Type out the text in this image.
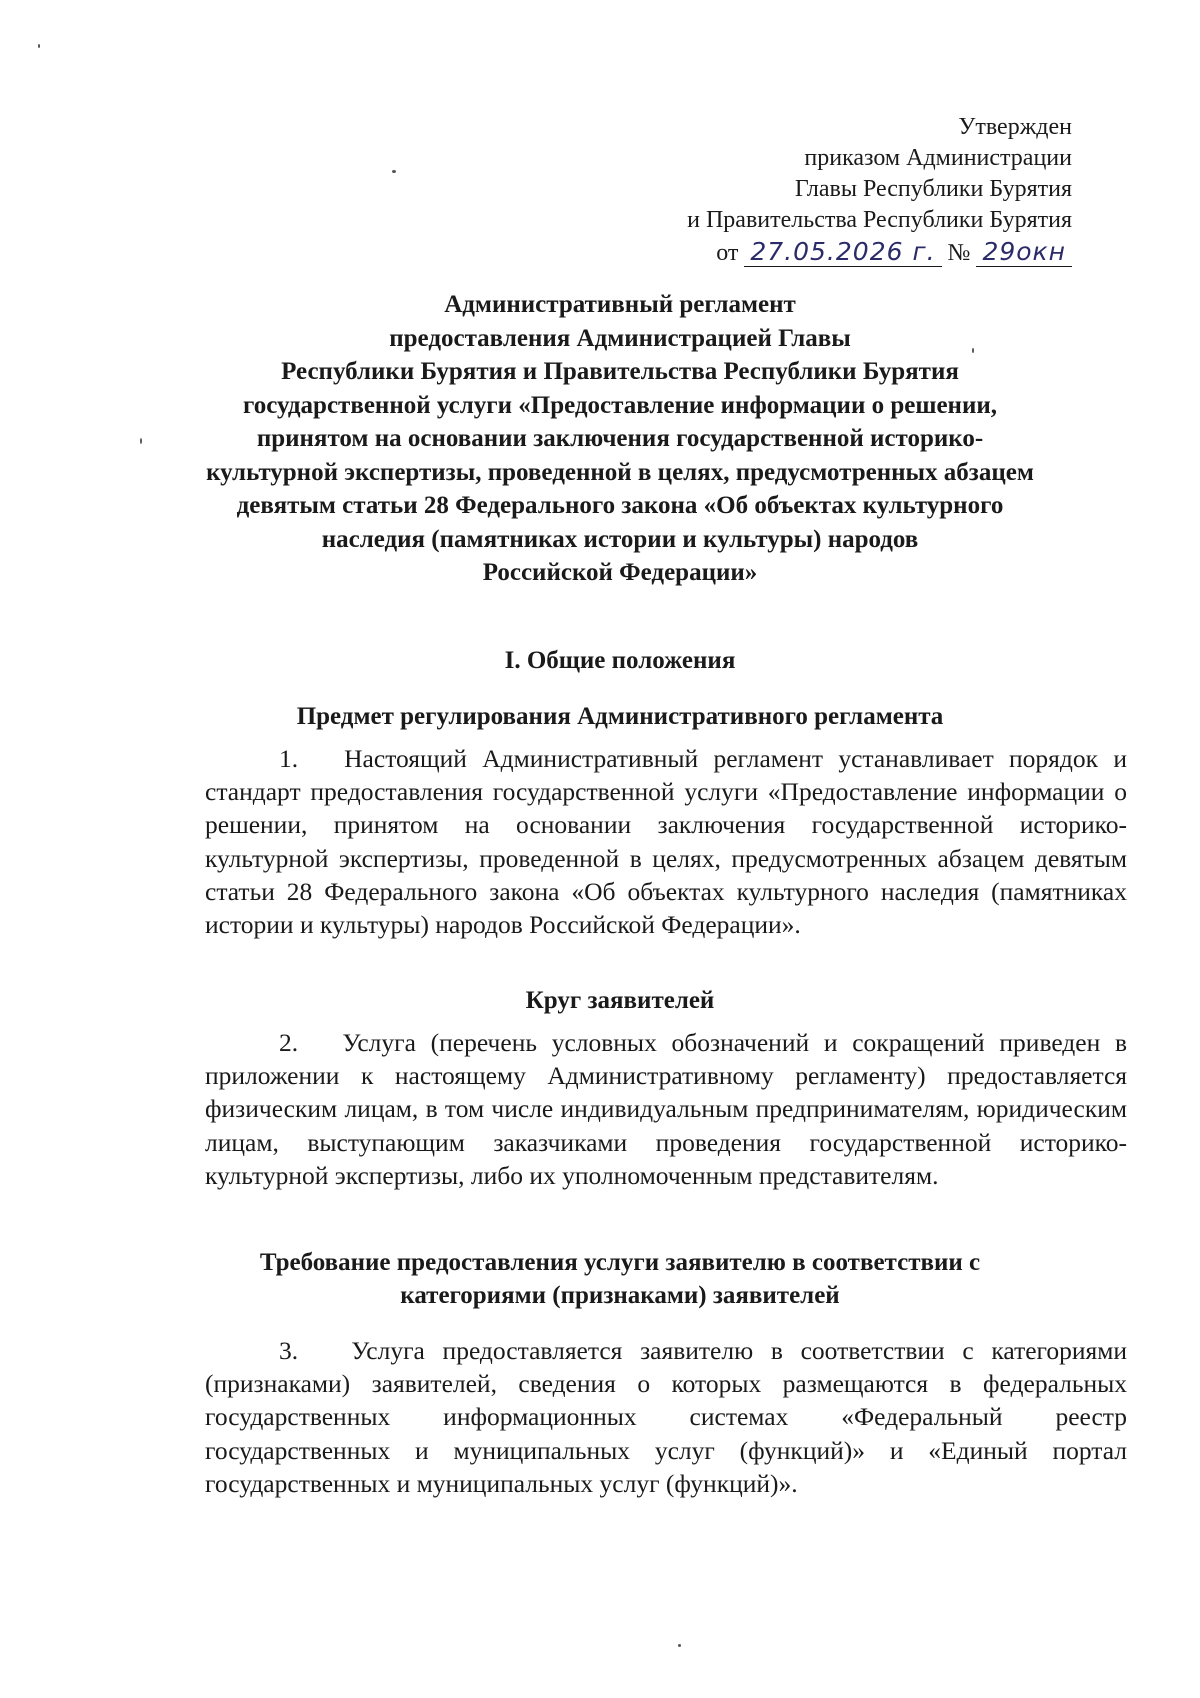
Утвержден
приказом Администрации
Главы Республики Бурятия
и Правительства Республики Бурятия
от 27.05.2026 г. № 29окн
Административный регламент
предоставления Администрацией Главы
Республики Бурятия и Правительства Республики Бурятия
государственной услуги «Предоставление информации о решении,
принятом на основании заключения государственной историко-
культурной экспертизы, проведенной в целях, предусмотренных абзацем
девятым статьи 28 Федерального закона «Об объектах культурного
наследия (памятниках истории и культуры) народов
Российской Федерации»
I. Общие положения
Предмет регулирования Административного регламента
1.   Настоящий Административный регламент устанавливает порядок и стандарт предоставления государственной услуги «Предоставление информации о решении, принятом на основании заключения государственной историко-культурной экспертизы, проведенной в целях, предусмотренных абзацем девятым статьи 28 Федерального закона «Об объектах культурного наследия (памятниках истории и культуры) народов Российской Федерации».
Круг заявителей
2.   Услуга (перечень условных обозначений и сокращений приведен в приложении к настоящему Административному регламенту) предоставляется физическим лицам, в том числе индивидуальным предпринимателям, юридическим лицам, выступающим заказчиками проведения государственной историко-культурной экспертизы, либо их уполномоченным представителям.
Требование предоставления услуги заявителю в соответствии с
категориями (признаками) заявителей
3.   Услуга предоставляется заявителю в соответствии с категориями (признаками) заявителей, сведения о которых размещаются в федеральных государственных информационных системах «Федеральный реестр государственных и муниципальных услуг (функций)» и «Единый портал государственных и муниципальных услуг (функций)».
